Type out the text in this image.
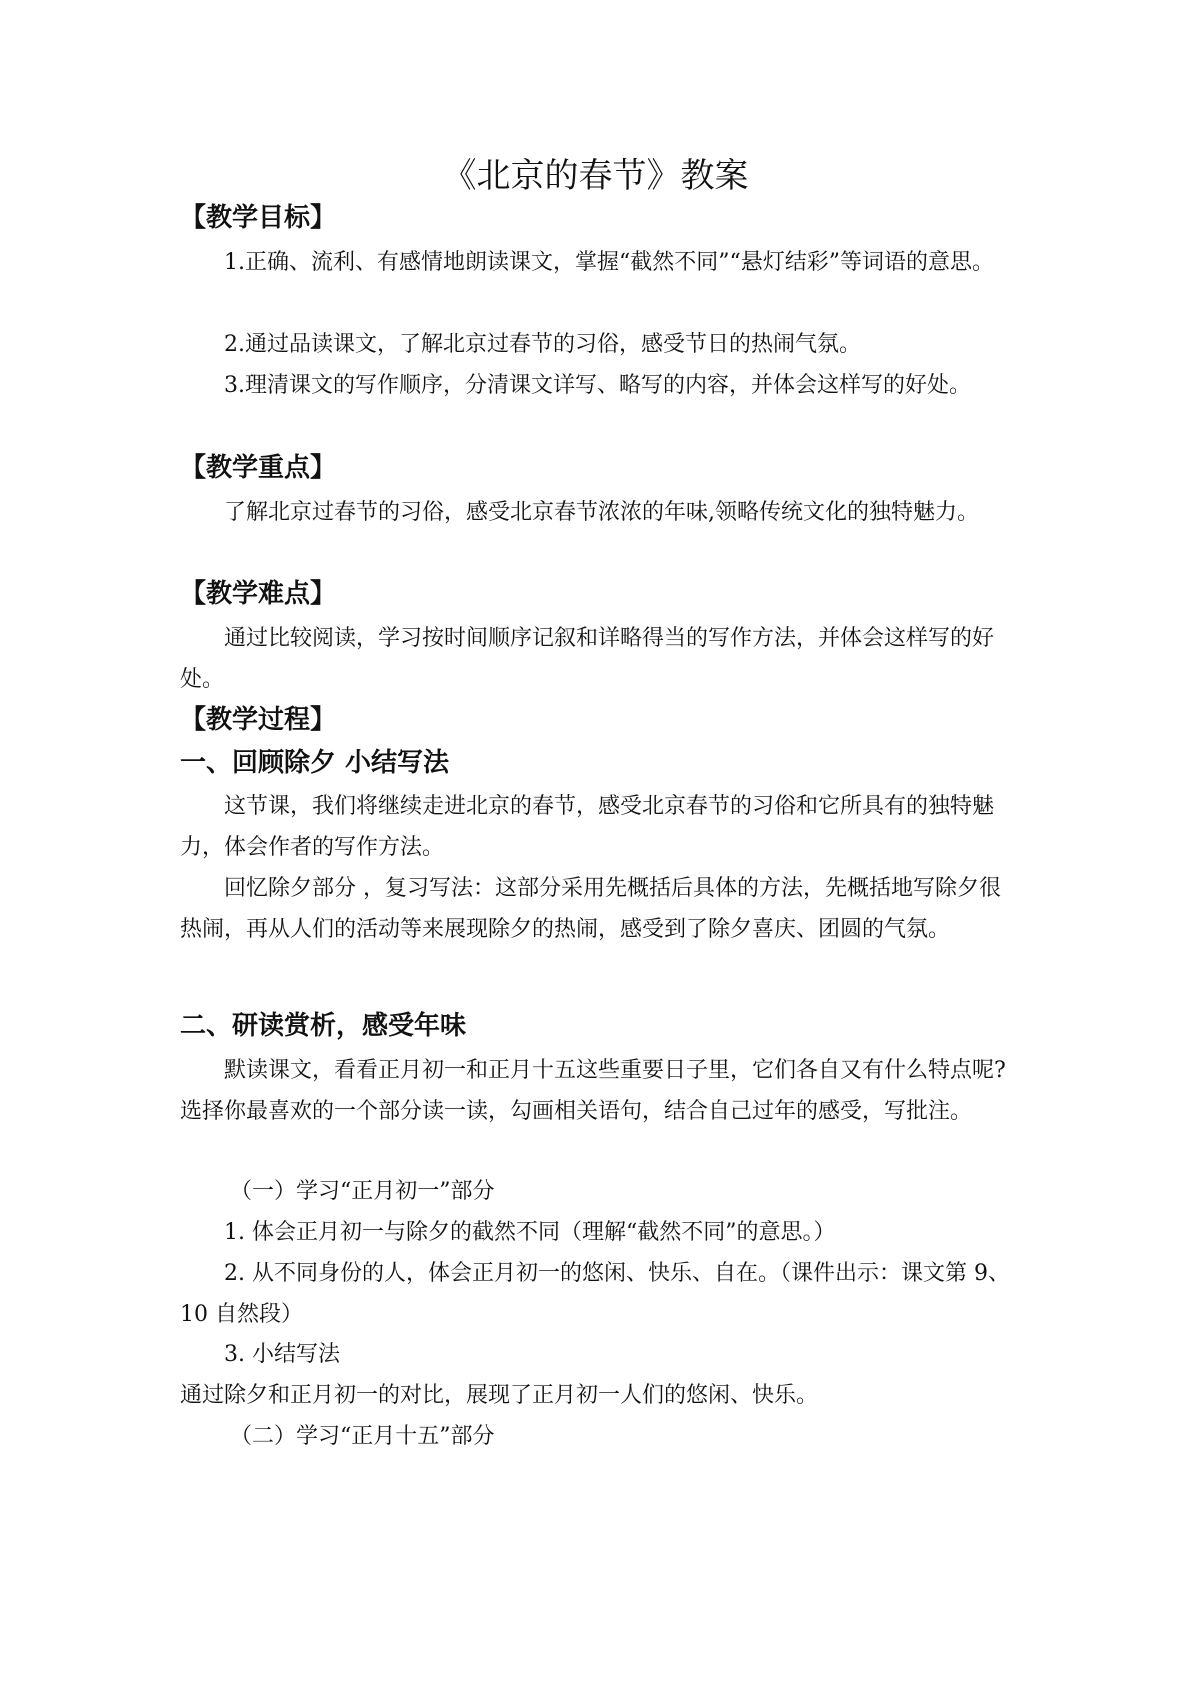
《北京的春节》教案
【教学目标】

1.正确、流利、有感情地朗读课文，掌握“截然不同”“悬灯结彩”等词语的意思。

2.通过品读课文，了解北京过春节的习俗，感受节日的热闹气氛。

3.理清课文的写作顺序，分清课文详写、略写的内容，并体会这样写的好处。

【教学重点】

了解北京过春节的习俗，感受北京春节浓浓的年味,领略传统文化的独特魅力。

【教学难点】

通过比较阅读，学习按时间顺序记叙和详略得当的写作方法，并体会这样写的好处。

【教学过程】
一、回顾除夕 小结写法

这节课，我们将继续走进北京的春节，感受北京春节的习俗和它所具有的独特魅力，体会作者的写作方法。

回忆除夕部分 ，复习写法：这部分采用先概括后具体的方法，先概括地写除夕很热闹，再从人们的活动等来展现除夕的热闹，感受到了除夕喜庆、团圆的气氛。

二、研读赏析，感受年味

默读课文，看看正月初一和正月十五这些重要日子里，它们各自又有什么特点呢?选择你最喜欢的一个部分读一读，勾画相关语句，结合自己过年的感受，写批注。

（一）学习“正月初一”部分

1. 体会正月初一与除夕的截然不同（理解“截然不同”的意思。）

2. 从不同身份的人，体会正月初一的悠闲、快乐、自在。（课件出示：课文第 9、10 自然段）

3. 小结写法

通过除夕和正月初一的对比，展现了正月初一人们的悠闲、快乐。

（二）学习“正月十五”部分
